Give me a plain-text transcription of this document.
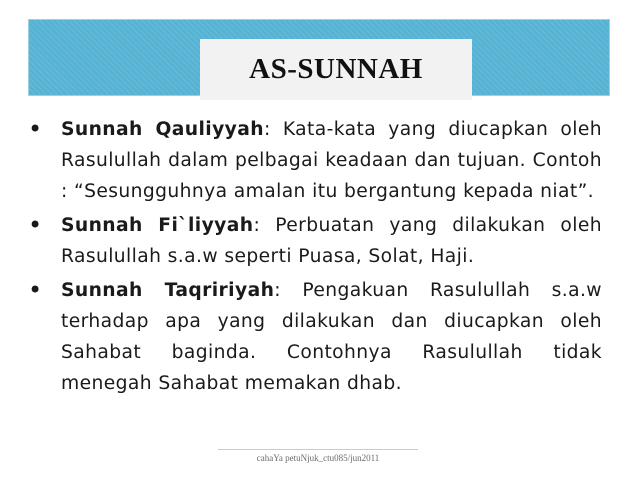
AS-SUNNAH
• Sunnah Qauliyyah: Kata-kata yang diucapkan oleh Rasulullah dalam pelbagai keadaan dan tujuan. Contoh : “Sesungguhnya amalan itu bergantung kepada niat”.
• Sunnah Fi`liyyah: Perbuatan yang dilakukan oleh Rasulullah s.a.w seperti Puasa, Solat, Haji.
• Sunnah Taqririyah: Pengakuan Rasulullah s.a.w terhadap apa yang dilakukan dan diucapkan oleh Sahabat baginda. Contohnya Rasulullah tidak menegah Sahabat memakan dhab.
cahaYa petuNjuk_ctu085/jun2011
